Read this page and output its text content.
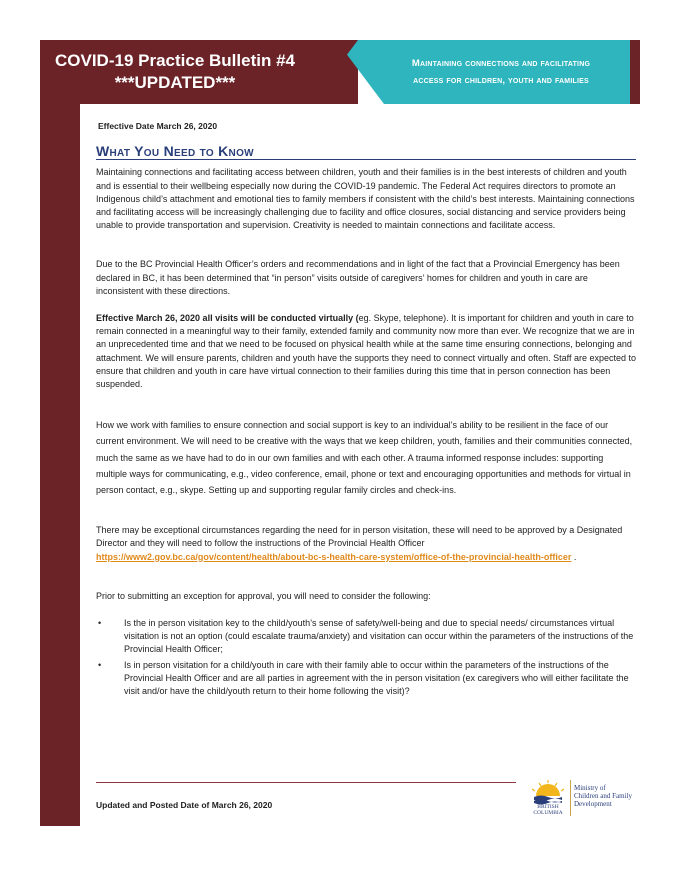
COVID-19 Practice Bulletin #4
***UPDATED***
Maintaining connections and facilitating
access for children, youth and families
Effective Date March 26, 2020
What You Need to Know

Maintaining connections and facilitating access between children, youth and their families is in the best interests of children and youth and is essential to their wellbeing especially now during the COVID-19 pandemic. The Federal Act requires directors to promote an Indigenous child’s attachment and emotional ties to family members if consistent with the child’s best interests. Maintaining connections and facilitating access will be increasingly challenging due to facility and office closures, social distancing and service providers being unable to provide transportation and supervision. Creativity is needed to maintain connections and facilitate access.

Due to the BC Provincial Health Officer’s orders and recommendations and in light of the fact that a Provincial Emergency has been declared in BC, it has been determined that “in person” visits outside of caregivers’ homes for children and youth in care are inconsistent with these directions.

Effective March 26, 2020 all visits will be conducted virtually (eg. Skype, telephone). It is important for children and youth in care to remain connected in a meaningful way to their family, extended family and community now more than ever. We recognize that we are in an unprecedented time and that we need to be focused on physical health while at the same time ensuring connections, belonging and attachment. We will ensure parents, children and youth have the supports they need to connect virtually and often. Staff are expected to ensure that children and youth in care have virtual connection to their families during this time that in person connection has been suspended.

How we work with families to ensure connection and social support is key to an individual’s ability to be resilient in the face of our current environment. We will need to be creative with the ways that we keep children, youth, families and their communities connected, much the same as we have had to do in our own families and with each other. A trauma informed response includes: supporting multiple ways for communicating, e.g., video conference, email, phone or text and encouraging opportunities and methods for virtual in person contact, e.g., skype. Setting up and supporting regular family circles and check-ins.

There may be exceptional circumstances regarding the need for in person visitation, these will need to be approved by a Designated Director and they will need to follow the instructions of the Provincial Health Officer https://www2.gov.bc.ca/gov/content/health/about-bc-s-health-care-system/office-of-the-provincial-health-officer .

Prior to submitting an exception for approval, you will need to consider the following:

•	Is the in person visitation key to the child/youth’s sense of safety/well-being and due to special needs/ circumstances virtual visitation is not an option (could escalate trauma/anxiety) and visitation can occur within the parameters of the instructions of the Provincial Health Officer;
•	Is in person visitation for a child/youth in care with their family able to occur within the parameters of the instructions of the Provincial Health Officer and are all parties in agreement with the in person visitation (ex caregivers who will either facilitate the visit and/or have the child/youth return to their home following the visit)?
Updated and Posted Date of March 26, 2020	BRITISH
COLUMBIA
Ministry of
Children and Family
Development
